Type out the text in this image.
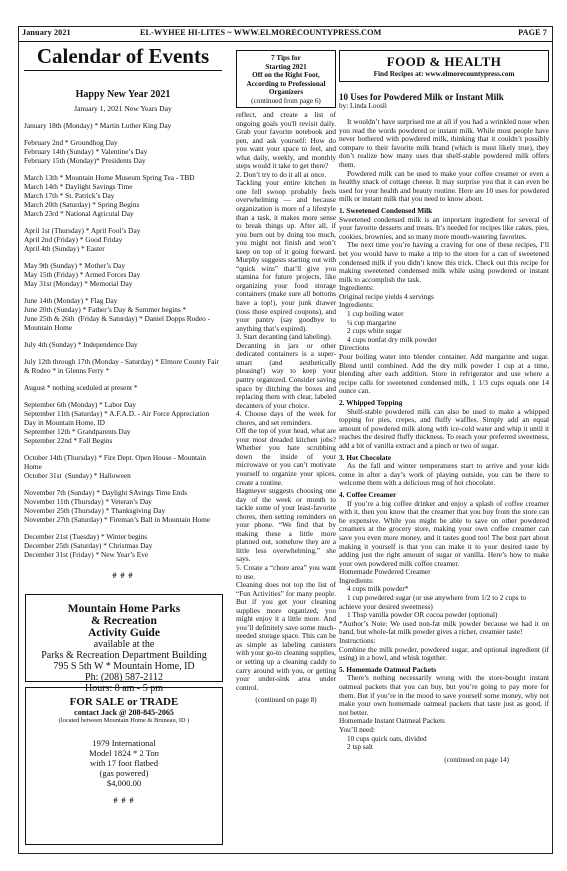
January 2021	EL-WYHEE HI-LITES ~ WWW.ELMORECOUNTYPRESS.COM	PAGE 7
Calendar of Events
Happy New Year 2021
January 1, 2021 New Years Day
January 18th (Monday) * Martin Luther King Day
February 2nd * Groundhog Day
February 14th (Sunday) * Valentine’s Day
February 15th (Monday)* Presidents Day
March 13th * Mountain Home Museum Spring Tea - TBD
March 14th * Daylight Savings Time
March 17th * St. Patrick’s Day
March 20th (Saturday) * Spring Begins
March 23rd * National Agricutal Day
April 1st (Thursday) * April Fool’s Day
April 2nd (Friday) * Good Friday
April 4th (Sunday) * Easter
May 9th (Sunday) * Mother’s Day
May 15th (Friday) * Armed Forces Day
May 31st (Monday) * Memorial Day
June 14th (Monday) * Flag Day
June 20th (Sunday) * Father’s Day & Summer begins *
June 25th & 26th  (Friday & Saturday) * Daniel Dopps Rodeo - Mountain Home
July 4th (Sunday) * Independence Day
July 12th through 17th (Monday - Saturday) * Elmore County Fair & Rodeo * in Glenns Ferry *
August * nothing sceduled at present *
September 6th (Monday) * Labor Day
September 11th (Saturday) * A.F.A.D. - Air Force Appreciation Day in Mountain Home, ID
September 12th * Grandparents Day
September 22nd * Fall Begins
October 14th (Thursday) * Fire Dept. Open House - Mountain Home
October 31st  (Sunday) * Halloween
November 7th (Sunday) * Daylight SAvings Time Ends
November 11th (Thursday) * Veteran’s Day
November 25th (Thursday) * Thanksgiving Day
November 27th (Saturday) * Fireman’s Ball in Mountain Home
December 21st (Tuesday) * Winter begins
December 25th (Saturday) * Christmas Day
December 31st (Friday) * New Year’s Eve
# # #
Mountain Home Parks
& Recreation
Activity Guide
available at the
Parks & Recreation Department Building
795 S 5th W * Mountain Home, ID
Ph: (208) 587-2112
Hours: 8 am - 5 pm
FOR SALE or TRADE
contact Jack @ 208-845-2065
(located between Mountain Home & Bruneau, ID )
1979 International
Model 1824 * 2 Ton
with 17 foot flatbed
(gas powered)
$4,000.00
# # #
7 Tips for
Starting 2021
Off on the Right Foot,
According to Professional
Organizers
(continued from page 6)

reflect, and create a list of ongoing goals you'll revisit daily. Grab your favorite notebook and pen, and ask yourself: How do you want your space to feel, and what daily, weekly, and monthly steps would it take to get there?

2. Don’t try to do it all at once.

Tackling your entire kitchen in one fell swoop probably feels overwhelming — and because organization is more of a lifestyle than a task, it makes more sense to break things up. After all, if you burn out by doing too much, you might not finish and won’t keep on top of it going forward. Murphy suggests starting out with “quick wins” that’ll give you stamina for future projects, like organizing your food storage containers (make sure all bottoms have a top!), your junk drawer (toss those expired coupons), and your pantry (say goodbye to anything that’s expired).

3. Start decanting (and labeling).

Decanting in jars or other dedicated containers is a super-smart (and aesthetically pleasing!) way to keep your pantry organized. Consider saving space by ditching the boxes and replacing them with clear, labeled decanters of your choice.

4. Choose days of the week for chores, and set reminders.

Off the top of your head, what are your most dreaded kitchen jobs? Whether you hate scrubbing down the inside of your microwave or you can’t motivate yourself to organize your spices, create a routine.

Hagmeyer suggests choosing one day of the week or month to tackle some of your least-favorite chores, then setting reminders on your phone. “We find that by making these a little more planned out, somehow they are a little less overwhelming,” she says.

5. Create a “chore area” you want to use.

Cleaning does not top the list of “Fun Activities” for many people. But if you get your cleaning supplies more organized, you might enjoy it a little more. And you’ll definitely save some much-needed storage space. This can be as simple as labeling canisters with your go-to cleaning supplies, or setting up a cleaning caddy to carry around with you, or getting your under-sink area under control.

(continued on page 8)
FOOD & HEALTH
Find Recipes at: www.elmorecountypress.com
10 Uses for Powdered Milk or Instant Milk
by: Linda Loosli

It wouldn’t have surprised me at all if you had a wrinkled nose when you read the words powdered or instant milk. While most people have never bothered with powdered milk, thinking that it couldn’t possibly compare to their favorite milk brand (which is most likely true), they don’t realize how many uses that shelf-stable powdered milk offers them.

Powdered milk can be used to make your coffee creamer or even a healthy snack of cottage cheese. It may surprise you that it can even be used for your health and beauty routine. Here are 10 uses for powdered milk or instant milk that you need to know about.

1. Sweetened Condensed Milk

Sweetened condensed milk is an important ingredient for several of your favorite desserts and treats. It’s needed for recipes like cakes, pies, cookies, brownies, and so many more mouth-watering favorites.

The next time you’re having a craving for one of these recipes, I’ll bet you would have to make a trip to the store for a can of sweetened condensed milk if you didn’t know this trick. Check out this recipe for making sweetened condensed milk while using powdered or instant milk to accomplish the task.

Ingredients:

Original recipe yields 4 servings

Ingredients:

1 cup boiling water

¼ cup margarine

2 cups white sugar

4 cups nonfat dry milk powder

Directions

Pour boiling water into blender container. Add margarine and sugar. Blend until combined. Add the dry milk powder 1 cup at a time, blending after each addition. Store in refrigerator and use where a recipe calls for sweetened condensed milk, 1 1/3 cups equals one 14 ounce can.

2. Whipped Topping

Shelf-stable powdered milk can also be used to make a whipped topping for pies, crepes, and fluffy waffles. Simply add an equal amount of powdered milk along with ice-cold water and whip it until it reaches the desired fluffy thickness. To reach your preferred sweetness, add a bit of vanilla extract and a pinch or two of sugar.

3. Hot Chocolate

As the fall and winter temperatures start to arrive and your kids come in after a day’s work of playing outside, you can be there to welcome them with a delicious mug of hot chocolate.

4. Coffee Creamer

If you’re a big coffee drinker and enjoy a splash of coffee creamer with it, then you know that the creamer that you buy from the store can be expensive. While you might be able to save on other powdered creamers at the grocery store, making your own coffee creamer can save you even more money, and it tastes good too! The best part about making it yourself is that you can make it to your desired taste by adding just the right amount of sugar or vanilla. Here’s how to make your own powdered milk coffee creamer.

Homemade Powdered Creamer

Ingredients:

4 cups milk powder*

1 cup powdered sugar (or use anywhere from 1/2 to 2 cups to achieve your desired sweetness)

1 Tbsp vanilla powder OR cocoa powder (optional)

*Author’s Note: We used non-fat milk powder because we had it on hand, but whole-fat milk powder gives a richer, creamier taste!

Instructions:

Combine the milk powder, powdered sugar, and optional ingredient (if using) in a bowl, and whisk together.

5. Homemade Oatmeal Packets

There’s nothing necessarily wrong with the store-bought instant oatmeal packets that you can buy, but you’re going to pay more for them. But if you’re in the mood to save yourself some money, why not make your own homemade oatmeal packets that taste just as good, if not better.

Homemade Instant Oatmeal Packets

You’ll need:

10 cups quick oats, divided

2 tsp salt

(continued on page 14)
